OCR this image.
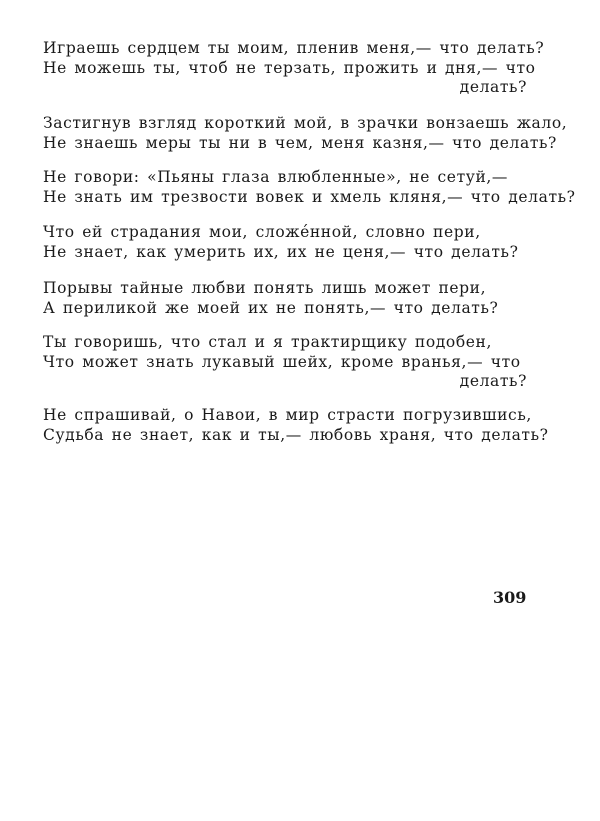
Играешь сердцем ты моим, пленив меня,— что делать?
Не можешь ты, чтоб не терзать, прожить и дня,— что
делать?
Застигнув взгляд короткий мой, в зрачки вонзаешь жало,
Не знаешь меры ты ни в чем, меня казня,— что делать?
Не говори: «Пьяны глаза влюбленные», не сетуй,—
Не знать им трезвости вовек и хмель кляня,— что делать?
Что ей страдания мои, сложéнной, словно пери,
Не знает, как умерить их, их не ценя,— что делать?
Порывы тайные любви понять лишь может пери,
А периликой же моей их не понять,— что делать?
Ты говоришь, что стал и я трактирщику подобен,
Что может знать лукавый шейх, кроме вранья,— что
делать?
Не спрашивай, о Навои, в мир страсти погрузившись,
Судьба не знает, как и ты,— любовь храня, что делать?
309
